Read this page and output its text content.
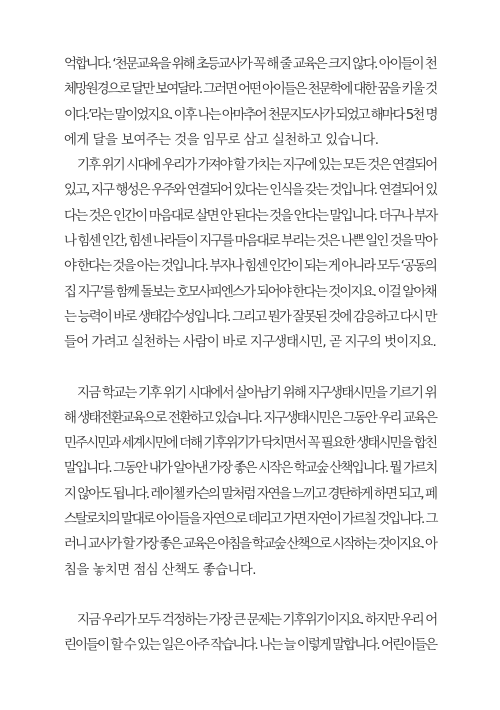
억합니다. ‘천문교육을 위해 초등교사가 꼭 해 줄 교육은 크지 않다. 아이들이 천
체망원경으로 달만 보여달라. 그러면 어떤 아이들은 천문학에 대한 꿈을 키울 것
이다.’라는 말이었지요. 이후 나는 아마추어 천문지도사가 되었고 해마다 5천 명
에게 달을 보여주는 것을 임무로 삼고 실천하고 있습니다.
기후 위기 시대에 우리가 가져야 할 가치는 지구에 있는 모든 것은 연결되어
있고, 지구 행성은 우주와 연결되어 있다는 인식을 갖는 것입니다. 연결되어 있
다는 것은 인간이 마음대로 살면 안 된다는 것을 안다는 말입니다. 더구나 부자
나 힘센 인간, 힘센 나라들이 지구를 마음대로 부리는 것은 나쁜 일인 것을 막아
야 한다는 것을 아는 것입니다. 부자나 힘센 인간이 되는 게 아니라 모두 ‘공동의
집 지구’를 함께 돌보는 호모사피엔스가 되어야 한다는 것이지요. 이걸 알아채
는 능력이 바로 생태감수성입니다. 그리고 뭔가 잘못된 것에 감응하고 다시 만
들어 가려고 실천하는 사람이 바로 지구생태시민, 곧 지구의 벗이지요.
지금 학교는 기후 위기 시대에서 살아남기 위해 지구생태시민을 기르기 위
해 생태전환교육으로 전환하고 있습니다. 지구생태시민은 그동안 우리 교육은
민주시민과 세계시민에 더해 기후위기가 닥치면서 꼭 필요한 생태시민을 합친
말입니다. 그동안 내가 알아낸 가장 좋은 시작은 학교숲 산책입니다. 뭘 가르치
지 않아도 됩니다. 레이첼 카슨의 말처럼 자연을 느끼고 경탄하게 하면 되고, 페
스탈로치의 말대로 아이들을 자연으로 데리고 가면 자연이 가르칠 것입니다. 그
러니 교사가 할 가장 좋은 교육은 아침을 학교숲 산책으로 시작하는 것이지요. 아
침을 놓치면 점심 산책도 좋습니다.
지금 우리가 모두 걱정하는 가장 큰 문제는 기후위기이지요. 하지만 우리 어
린이들이 할 수 있는 일은 아주 작습니다. 나는 늘 이렇게 말합니다. 어린이들은
